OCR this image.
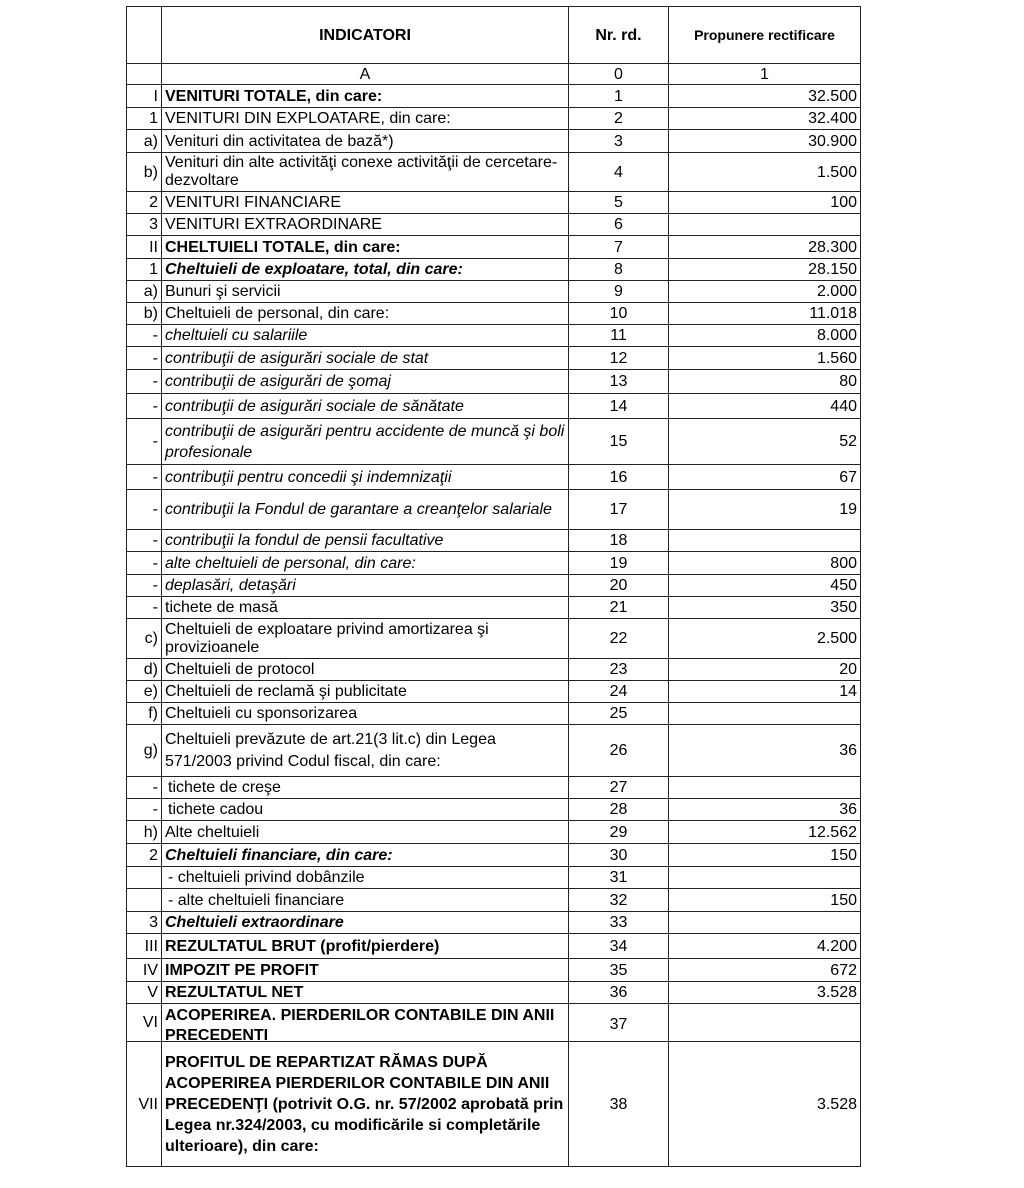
	INDICATORI	Nr. rd.	Propunere rectificare
	A	0	1
I	VENITURI TOTALE, din care:	1	32.500
1	VENITURI DIN EXPLOATARE, din care:	2	32.400
a)	Venituri din activitatea de bază*)	3	30.900
b)	Venituri din alte activităţi conexe activităţii de cercetare-dezvoltare	4	1.500
2	VENITURI FINANCIARE	5	100
3	VENITURI EXTRAORDINARE	6	
II	CHELTUIELI TOTALE, din care:	7	28.300
1	Cheltuieli de exploatare, total, din care:	8	28.150
a)	Bunuri şi servicii	9	2.000
b)	Cheltuieli de personal, din care:	10	11.018
-	cheltuieli cu salariile	11	8.000
-	contribuţii de asigurări sociale de stat	12	1.560
-	contribuţii de asigurări de şomaj	13	80
-	contribuţii de asigurări sociale de sănătate	14	440
-	contribuţii de asigurări pentru accidente de muncă şi boli profesionale	15	52
-	contribuţii pentru concedii şi indemnizaţii	16	67
-	contribuţii la Fondul de garantare a creanţelor salariale	17	19
-	contribuţii la fondul de pensii facultative	18	
-	alte cheltuieli de personal, din care:	19	800
-	deplasări, detaşări	20	450
-	tichete de masă	21	350
c)	Cheltuieli de exploatare privind amortizarea şi provizioanele	22	2.500
d)	Cheltuieli de protocol	23	20
e)	Cheltuieli de reclamă şi publicitate	24	14
f)	Cheltuieli cu sponsorizarea	25	
g)	Cheltuieli prevăzute de art.21(3 lit.c) din Legea 571/2003 privind Codul fiscal, din care:	26	36
-	tichete de creşe	27	
-	tichete cadou	28	36
h)	Alte cheltuieli	29	12.562
2	Cheltuieli financiare, din care:	30	150
	- cheltuieli privind dobânzile	31	
	- alte cheltuieli financiare	32	150
3	Cheltuieli extraordinare	33	
III	REZULTATUL BRUT (profit/pierdere)	34	4.200
IV	IMPOZIT PE PROFIT	35	672
V	REZULTATUL NET	36	3.528
VI	ACOPERIREA. PIERDERILOR CONTABILE DIN ANII PRECEDENTI	37	
VII	PROFITUL DE REPARTIZAT RĂMAS DUPĂ ACOPERIREA PIERDERILOR CONTABILE DIN ANII PRECEDENŢI (potrivit O.G. nr. 57/2002 aprobată prin Legea nr.324/2003, cu modificările si completările ulterioare), din care:	38	3.528
